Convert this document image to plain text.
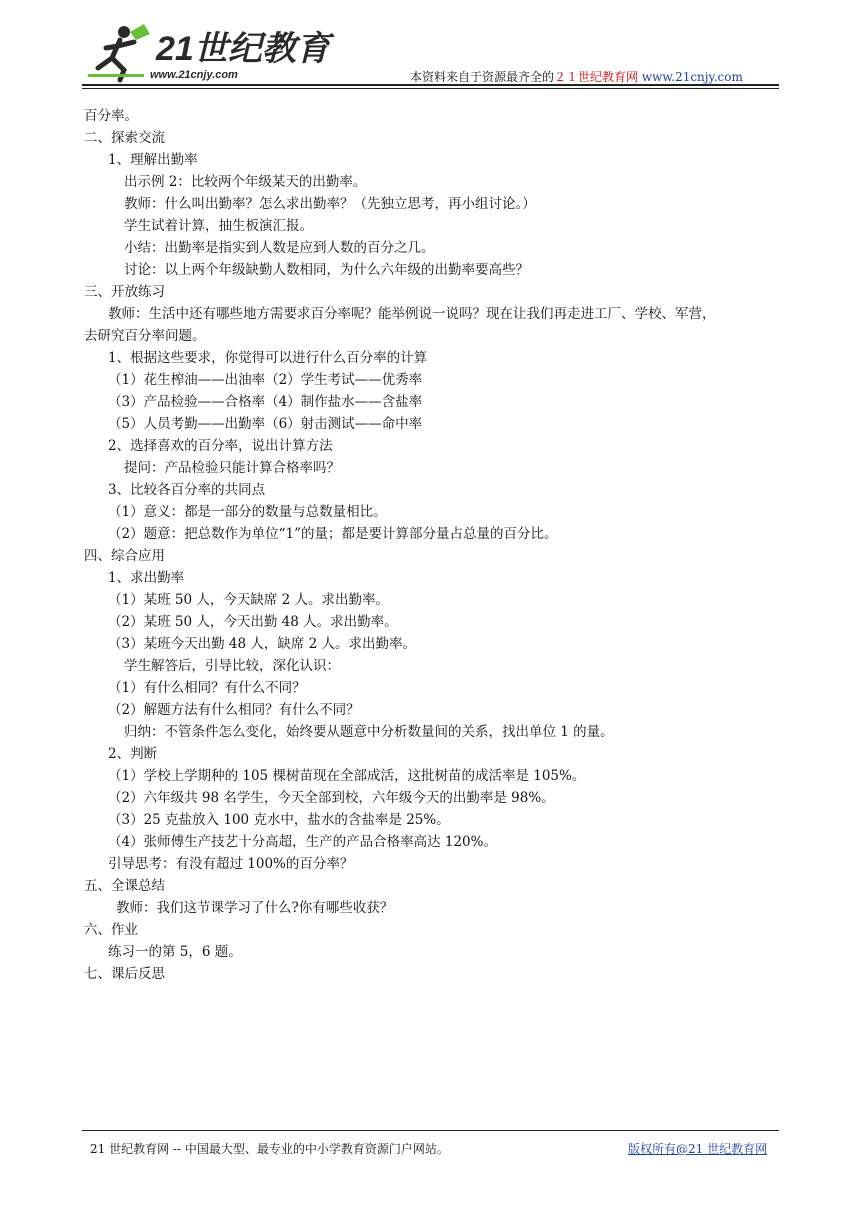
21世纪教育
www.21cnjy.com	本资料来自于资源最齐全的２１世纪教育网 www.21cnjy.com
百分率。
二、探索交流
1、理解出勤率
出示例 2：比较两个年级某天的出勤率。
教师：什么叫出勤率？怎么求出勤率？（先独立思考，再小组讨论。）
学生试着计算，抽生板演汇报。
小结：出勤率是指实到人数是应到人数的百分之几。
讨论：以上两个年级缺勤人数相同，为什么六年级的出勤率要高些？
三、开放练习
教师：生活中还有哪些地方需要求百分率呢？能举例说一说吗？现在让我们再走进工厂、学校、军营，
去研究百分率问题。
1、根据这些要求，你觉得可以进行什么百分率的计算
（1）花生榨油——出油率（2）学生考试——优秀率
（3）产品检验——合格率（4）制作盐水——含盐率
（5）人员考勤——出勤率（6）射击测试——命中率
2、选择喜欢的百分率，说出计算方法
提问：产品检验只能计算合格率吗？
3、比较各百分率的共同点
（1）意义：都是一部分的数量与总数量相比。
（2）题意：把总数作为单位“1”的量；都是要计算部分量占总量的百分比。
四、综合应用
1、求出勤率
（1）某班 50 人，今天缺席 2 人。求出勤率。
（2）某班 50 人，今天出勤 48 人。求出勤率。
（3）某班今天出勤 48 人，缺席 2 人。求出勤率。
学生解答后，引导比较，深化认识：
（1）有什么相同？有什么不同？
（2）解题方法有什么相同？有什么不同？
归纳：不管条件怎么变化，始终要从题意中分析数量间的关系，找出单位 1 的量。
2、判断
（1）学校上学期种的 105 棵树苗现在全部成活，这批树苗的成活率是 105%。
（2）六年级共 98 名学生，今天全部到校，六年级今天的出勤率是 98%。
（3）25 克盐放入 100 克水中，盐水的含盐率是 25%。
（4）张师傅生产技艺十分高超，生产的产品合格率高达 120%。
引导思考：有没有超过 100%的百分率？
五、全课总结
教师：我们这节课学习了什么?你有哪些收获？
六、作业
练习一的第 5，6 题。
七、课后反思
21 世纪教育网 -- 中国最大型、最专业的中小学教育资源门户网站。	版权所有@21 世纪教育网
